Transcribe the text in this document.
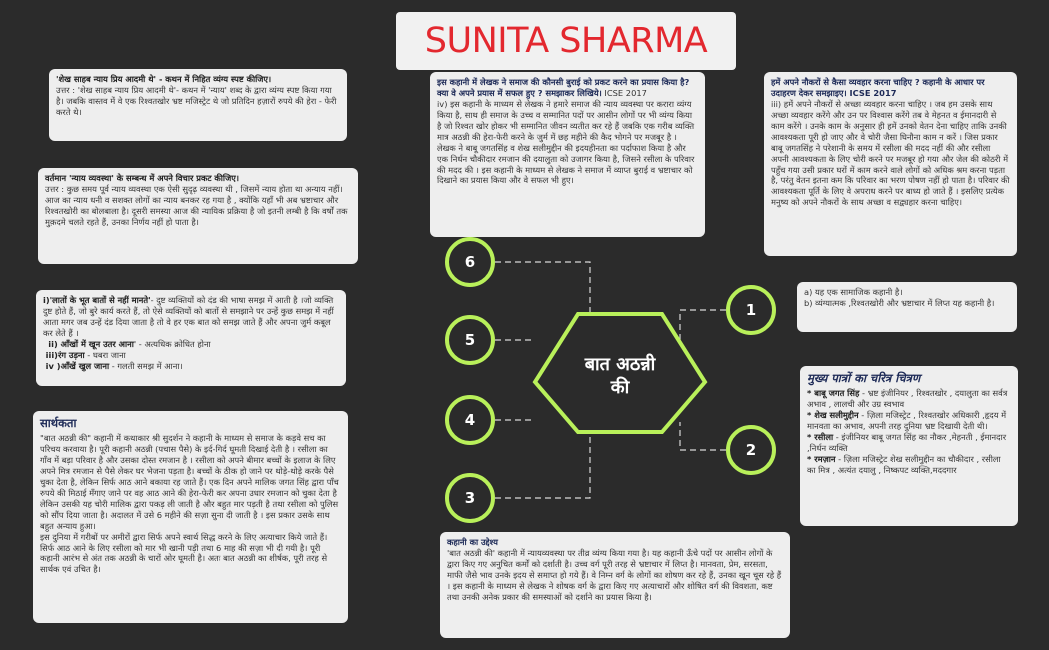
SUNITA SHARMA
'शेख साहब न्याय प्रिय आदमी थे' - कथन में निहित व्यंग्य स्पष्ट कीजिए।

उत्तर : 'शेख साहब न्याय प्रिय आदमी थे'- कथन में 'न्याय' शब्द के द्वारा व्यंग्य स्पष्ट किया गया है। जबकि वास्तव में वे एक रिश्वतखोर भ्रष्ट मजिस्ट्रेट थे जो प्रतिदिन हज़ारों रुपये की हेरा - फेरी करते थे।

वर्तमान 'न्याय व्यवस्था' के सम्बन्ध में अपने विचार प्रकट कीजिए।

उत्तर : कुछ समय पूर्व न्याय व्यवस्था एक ऐसी सुदृढ़ व्यवस्था थी , जिसमें न्याय होता था अन्याय नहीं। आज का न्याय धनी व सशक्त लोगों का न्याय बनकर रह गया है , क्योंकि यहाँ भी अब भ्रष्टाचार और रिश्वतखोरी का बोलबाला है। दूसरी समस्या आज की न्यायिक प्रक्रिया है जो इतनी लम्बी है कि वर्षों तक मुक़दमे चलते रहते हैं, उनका निर्णय नहीं हो पाता है।

i)'लातों के भूत बातों से नहीं मानते'- दुष्ट व्यक्तियों को दंड की भाषा समझ में आती है ।जो व्यक्ति दुष्ट होते हैं, जो बुरे कार्य करते हैं, तो ऐसे व्यक्तियों को बातों से समझाने पर उन्हें कुछ समझ में नहीं आता मगर जब उन्हें दंड दिया जाता है तो वे हर एक बात को समझ जाते हैं और अपना जुर्म कबूल कर लेते हैं ।

ii) आँखों में खून उतर आना' - अत्यधिक क्रोधित होना

iii)रंग उड़ना - घबरा जाना

iv )आँखें खुल जाना - गलती समझ में आना।

सार्थकता

"बात अठन्नी की" कहानी में कथाकार श्री सुदर्शन ने कहानी के माध्यम से समाज के कड़वे सच का परिचय करवाया है। पूरी कहानी अठन्नी (पचास पैसे) के इर्द-गिर्द घूमती दिखाई देती है । रसीला का गाँव में बड़ा परिवार है और उसका दोस्त रमजान है । रसीला को अपने बीमार बच्चों के इलाज के लिए अपने मित्र रमजान से पैसे लेकर घर भेजना पड़ता है। बच्चों के ठीक हो जाने पर थोड़े-थोड़े करके पैसे चुका देता है, लेकिन सिर्फ आठ आने बकाया रह जाते हैं। एक दिन अपने मालिक जगत सिंह द्वारा पाँच रुपये की मिठाई मँगाए जाने पर वह आठ आने की हेरा-फेरी कर अपना उधार रमजान को चुका देता है लेकिन उसकी यह चोरी मालिक द्वारा पकड़ ली जाती है और बहुत मार पड़ती है तथा रसीला को पुलिस को सौंप दिया जाता है। अदालत में उसे 6 महीने की सज़ा सुना दी जाती है । इस प्रकार उसके साथ बहुत अन्याय हुआ।

इस दुनिया में गरीबों पर अमीरों द्वारा सिर्फ अपने स्वार्थ सिद्ध करने के लिए अत्याचार किये जाते हैं। सिर्फ आठ आने के लिए रसीला को मार भी खानी पड़ी तथा 6 माह की सज़ा भी दी गयी है। पूरी कहानी आरंभ से अंत तक अठन्नी के चारों ओर घूमती है। अतः बात अठन्नी का शीर्षक, पूरी तरह से सार्थक एवं उचित है।

इस कहानी में लेखक ने समाज की कौनसी बुराई को प्रकट करने का प्रयास किया है? क्या वे अपने प्रयास में सफल हुए ? समझाकर लिखिये। ICSE 2017

iv) इस कहानी के माध्यम से लेखक ने हमारे समाज की न्याय व्यवस्था पर करारा व्यंग्य किया है, साथ ही समाज के उच्च व सम्मानित पदों पर आसीन लोगों पर भी व्यंग्य किया है जो रिश्वत खोर होकर भी सम्मानित जीवन व्यतीत कर रहे हैं जबकि एक गरीब व्यक्ति मात्र अठन्नी की हेरा-फेरी करने के जुर्म में छह महीने की कैद भोगने पर मजबूर है । लेखक ने बाबू जगतसिंह व शेख सलीमुद्दीन की इदयहीनता का पर्दाफाश किया है और एक निर्धन चौकीदार रमजान की दयालुता को उजागर किया है, जिसने रसीला के परिवार की मदद की । इस कहानी के माध्यम से लेखक ने समाज में व्याप्त बुराई व भ्रष्टाचार को दिखाने का प्रयास किया और वे सफल भी हुए।

हमें अपने नौकरों से कैसा व्यवहार करना चाहिए ? कहानी के आधार पर उदाहरण देकर समझाइए। ICSE 2017

iii) हमें अपने नौकरों से अच्छा व्यवहार करना चाहिए । जब हम उसके साथ अच्छा व्यवहार करेंगे और उन पर विश्वास करेंगे तब वे मेहनत व ईमानदारी से काम करेंगे । उनके काम के अनुसार ही हमें उनको वेतन देना चाहिए ताकि उनकी आवश्यकता पूरी हो जाए और वे चोरी जैसा घिनौना काम न करें । जिस प्रकार बाबू जगतसिंह ने परेशानी के समय में रसीला की मदद नहीं की और रसीला अपनी आवश्यकता के लिए चोरी करने पर मजबूर हो गया और जेल की कोठरी में पहुँच गया उसी प्रकार घरों में काम करने वाले लोगों को अधिक श्रम करना पड़ता है, परंतु वेतन इतना कम कि परिवार का भरण पोषण नहीं हो पाता है। परिवार की आवश्यकता पूर्ति के लिए वे अपराध करने पर बाध्य हो जाते हैं । इसलिए प्रत्येक मनुष्य को अपने नौकरों के साथ अच्छा व सद्व्यहार करना चाहिए।

a) यह एक सामाजिक कहानी है।

b) व्यंग्यात्मक ,रिश्वतखोरी और भ्रष्टाचार में लिप्त यह कहानी है।

मुख्य पात्रों का चरित्र चित्रण

* बाबू जगत सिंह - भ्रष्ट इंजीनियर , रिश्वतखोर , दयालुता का सर्वत्र अभाव , लालची और उग्र स्वभाव

* शेख सलीमुद्दीन - ज़िला मजिस्ट्रेट , रिश्वतखोर अधिकारी ,हृदय में मानवता का अभाव, अपनी तरह दुनिया भ्रष्ट दिखायी देती थी।

* रसीला - इंजीनियर बाबू जगत सिंह का नौकर ,मेहनती , ईमानदार ,निर्धन व्यक्ति

* रमज़ान - ज़िला मजिस्ट्रेट शेख सलीमुद्दीन का चौकीदार , रसीला का मित्र , अत्यंत दयालु , निष्कपट व्यक्ति,मददगार

कहानी का उद्देश्य

'बात अठन्नी की' कहानी में न्यायव्यवस्था पर तीव्र व्यंग्य किया गया है। यह कहानी ऊँचे पदों पर आसीन लोगों के द्वारा किए गए अनुचित कर्मों को दर्शाती है। उच्च वर्ग पूरी तरह से भ्रष्टाचार में लिप्त है। मानवता, प्रेम, सरसता, माफी जैसे भाव उनके इदय से समाप्त हो गये हैं। वे निम्न वर्ग के लोगों का शोषण कर रहे हैं, उनका खून चूस रहे हैं । इस कहानी के माध्यम से लेखक ने शोषक वर्ग के द्वारा किए गए अत्याचारों और शोषित वर्ग की विवशता, कष्ट तथा उनकी अनेक प्रकार की समस्याओं को दर्शाने का प्रयास किया है।

6
5
4
3
1
2
बात अठन्नी
की
